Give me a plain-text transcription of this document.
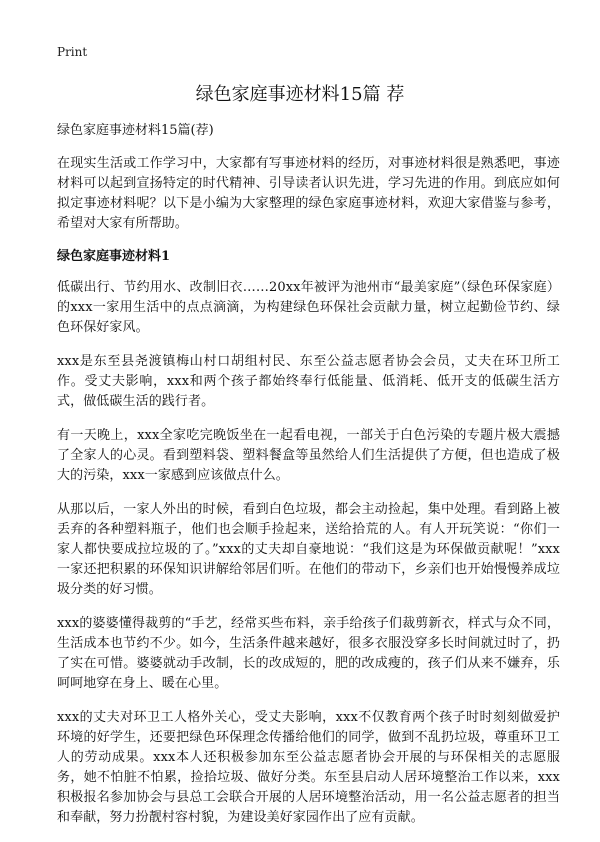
Print
绿色家庭事迹材料15篇 荐

绿色家庭事迹材料15篇(荐)

在现实生活或工作学习中，大家都有写事迹材料的经历，对事迹材料很是熟悉吧，事迹材料可以起到宣扬特定的时代精神、引导读者认识先进，学习先进的作用。到底应如何拟定事迹材料呢？以下是小编为大家整理的绿色家庭事迹材料，欢迎大家借鉴与参考，希望对大家有所帮助。

绿色家庭事迹材料1

低碳出行、节约用水、改制旧衣……20xx年被评为池州市“最美家庭”（绿色环保家庭）的xxx一家用生活中的点点滴滴，为构建绿色环保社会贡献力量，树立起勤俭节约、绿色环保好家风。

xxx是东至县尧渡镇梅山村口胡组村民、东至公益志愿者协会会员，丈夫在环卫所工作。受丈夫影响，xxx和两个孩子都始终奉行低能量、低消耗、低开支的低碳生活方式，做低碳生活的践行者。

有一天晚上，xxx全家吃完晚饭坐在一起看电视，一部关于白色污染的专题片极大震撼了全家人的心灵。看到塑料袋、塑料餐盒等虽然给人们生活提供了方便，但也造成了极大的污染，xxx一家感到应该做点什么。

从那以后，一家人外出的时候，看到白色垃圾，都会主动捡起，集中处理。看到路上被丢弃的各种塑料瓶子，他们也会顺手捡起来，送给拾荒的人。有人开玩笑说：“你们一家人都快要成拉垃圾的了。”xxx的丈夫却自豪地说：“我们这是为环保做贡献呢！”xxx一家还把积累的环保知识讲解给邻居们听。在他们的带动下，乡亲们也开始慢慢养成垃圾分类的好习惯。

xxx的婆婆懂得裁剪的“手艺，经常买些布料，亲手给孩子们裁剪新衣，样式与众不同，生活成本也节约不少。如今，生活条件越来越好，很多衣服没穿多长时间就过时了，扔了实在可惜。婆婆就动手改制，长的改成短的，肥的改成瘦的，孩子们从来不嫌弃，乐呵呵地穿在身上、暖在心里。

xxx的丈夫对环卫工人格外关心，受丈夫影响，xxx不仅教育两个孩子时时刻刻做爱护环境的好学生，还要把绿色环保理念传播给他们的同学，做到不乱扔垃圾，尊重环卫工人的劳动成果。xxx本人还积极参加东至公益志愿者协会开展的与环保相关的志愿服务，她不怕脏不怕累，捡拾垃圾、做好分类。东至县启动人居环境整治工作以来，xxx积极报名参加协会与县总工会联合开展的人居环境整治活动，用一名公益志愿者的担当和奉献，努力扮靓村容村貌，为建设美好家园作出了应有贡献。
